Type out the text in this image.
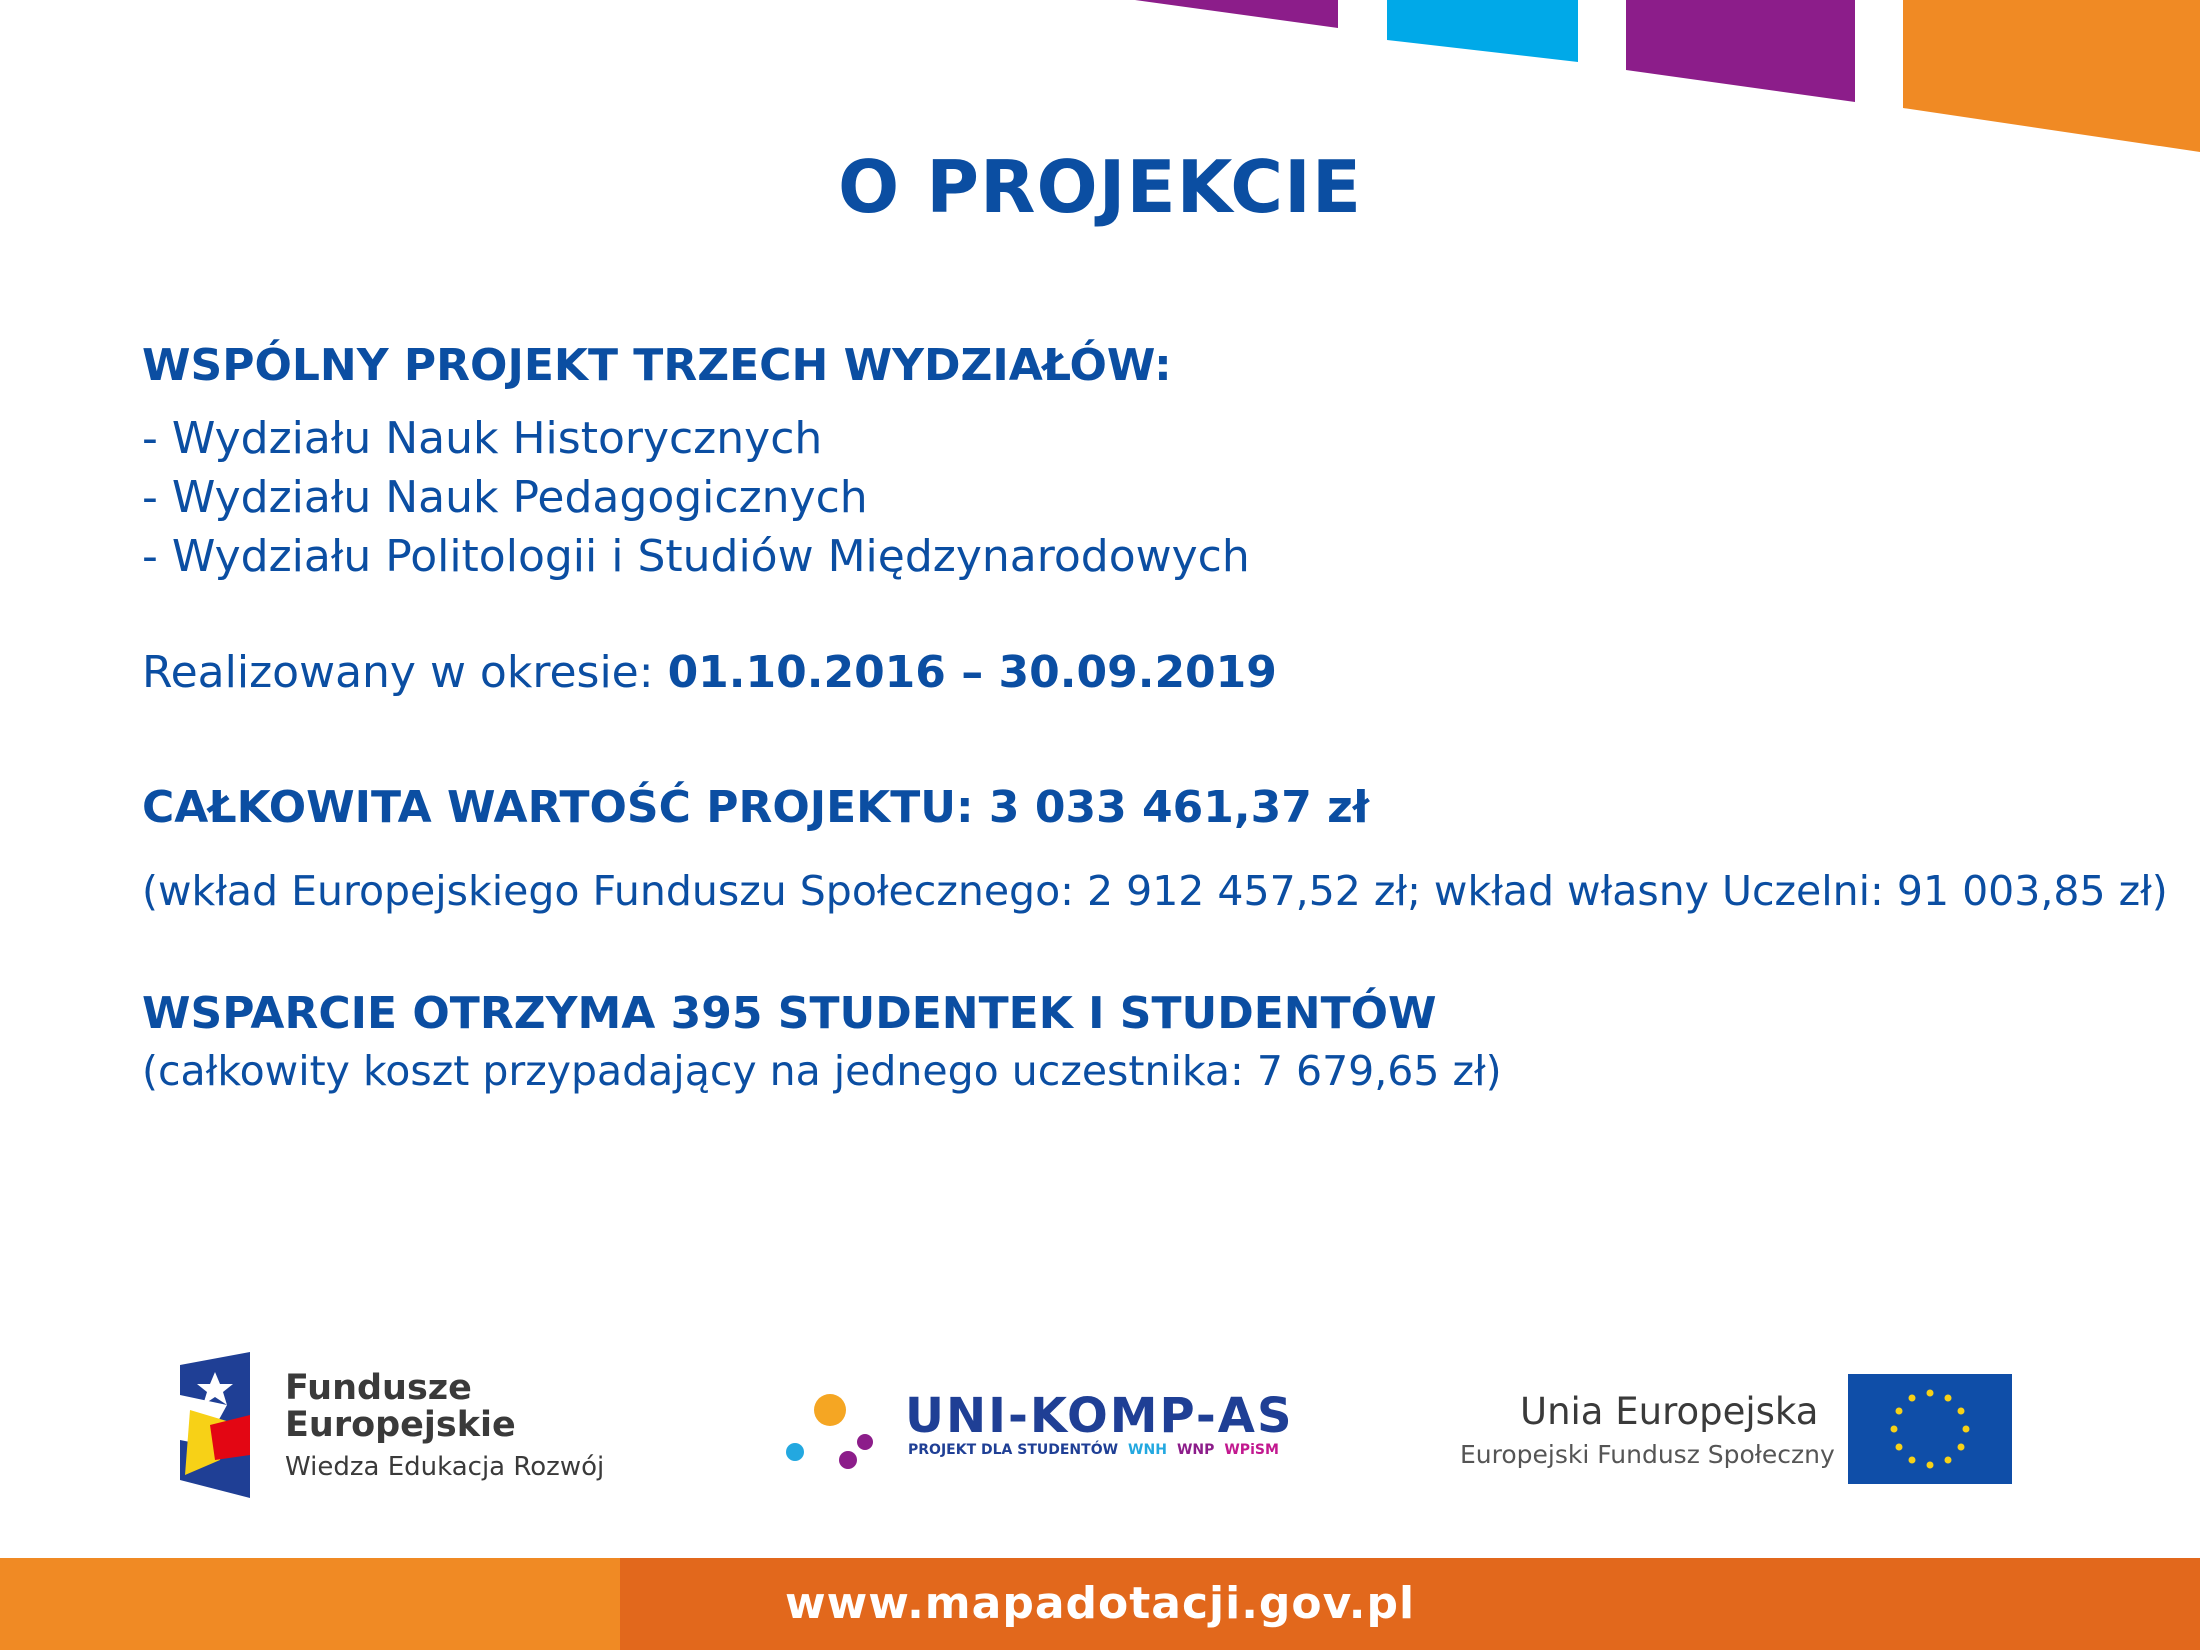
O PROJEKCIE
WSPÓLNY PROJEKT TRZECH WYDZIAŁÓW:
- Wydziału Nauk Historycznych
- Wydziału Nauk Pedagogicznych
- Wydziału Politologii i Studiów Międzynarodowych
Realizowany w okresie: 01.10.2016 – 30.09.2019
CAŁKOWITA WARTOŚĆ PROJEKTU: 3 033 461,37 zł
(wkład Europejskiego Funduszu Społecznego: 2 912 457,52 zł; wkład własny Uczelni: 91 003,85 zł)
WSPARCIE OTRZYMA 395 STUDENTEK I STUDENTÓW
(całkowity koszt przypadający na jednego uczestnika: 7 679,65 zł)
Fundusze
Europejskie
Wiedza Edukacja Rozwój
UNI-KOMP-AS
PROJEKT DLA STUDENTÓW WNH WNP WPiSM
Unia Europejska
Europejski Fundusz Społeczny
www.mapadotacji.gov.pl
